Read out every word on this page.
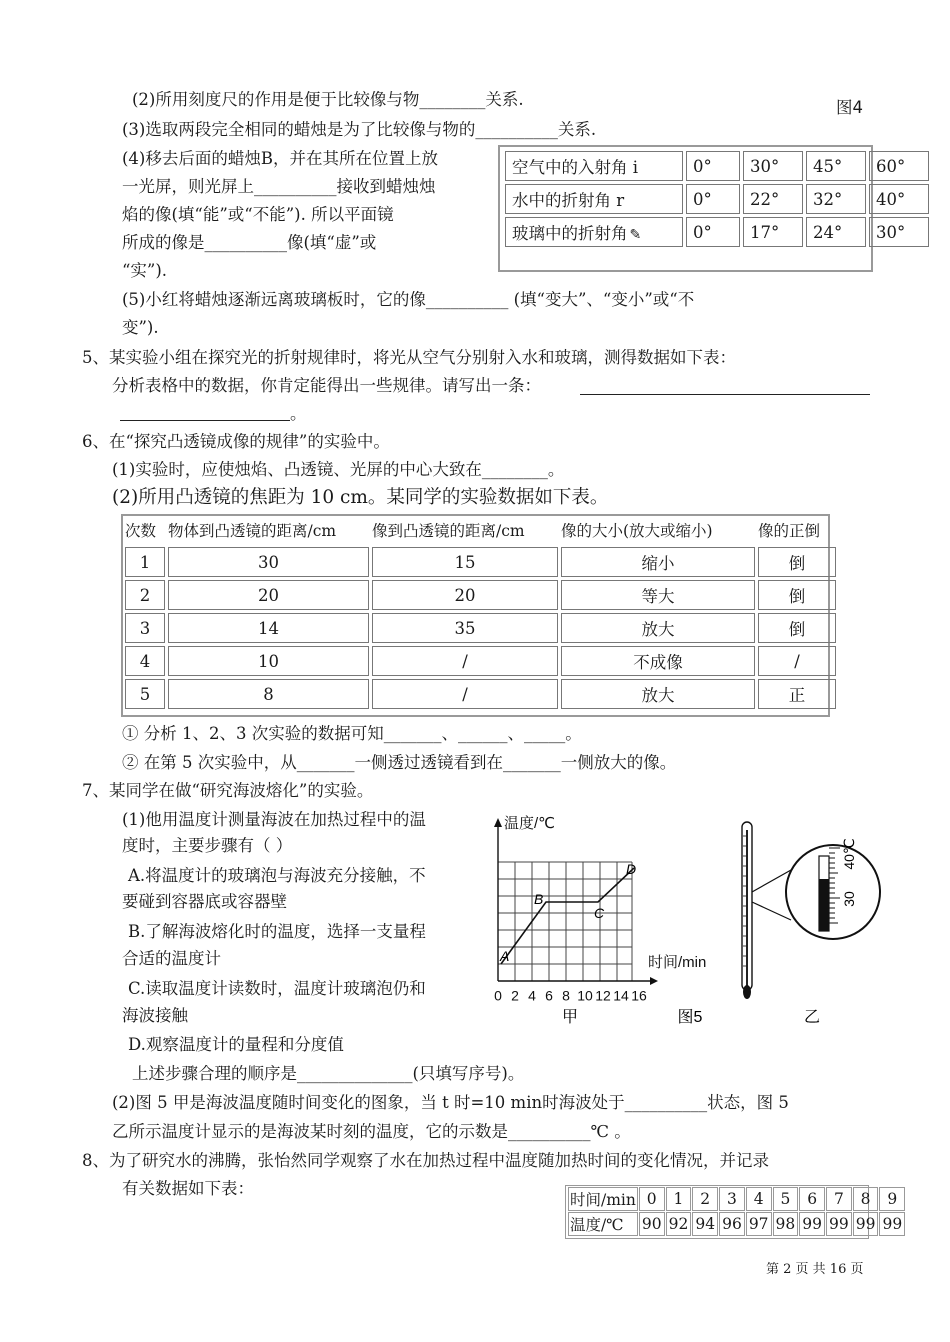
(2)所用刻度尺的作用是便于比较像与物________关系.	图4
(3)选取两段完全相同的蜡烛是为了比较像与物的__________关系.
(4)移去后面的蜡烛B，并在其所在位置上放
一光屏，则光屏上__________接收到蜡烛烛
焰的像(填“能”或“不能”). 所以平面镜
所成的像是__________像(填“虚”或
“实”).
空气中的入射角 i	0°	30°	45°	60°
水中的折射角 r	0°	22°	32°	40°
玻璃中的折射角 ✎	0°	17°	24°	30°
(5)小红将蜡烛逐渐远离玻璃板时，它的像__________ (填“变大”、“变小”或“不
变”).
5、某实验小组在探究光的折射规律时，将光从空气分别射入水和玻璃，测得数据如下表：
分析表格中的数据，你肯定能得出一些规律。请写出一条：
。
6、在“探究凸透镜成像的规律”的实验中。
(1)实验时，应使烛焰、凸透镜、光屏的中心大致在________。
(2)所用凸透镜的焦距为 10 cm。某同学的实验数据如下表。
次数	物体到凸透镜的距离/cm	像到凸透镜的距离/cm	像的大小(放大或缩小)	像的正倒
1	30	15	缩小	倒
2	20	20	等大	倒
3	14	35	放大	倒
4	10	/	不成像	/
5	8	/	放大	正
① 分析 1、2、3 次实验的数据可知_______、______、_____。
② 在第 5 次实验中，从_______一侧透过透镜看到在_______一侧放大的像。
7、某同学在做“研究海波熔化”的实验。
(1)他用温度计测量海波在加热过程中的温
度时，主要步骤有（ ）
A.将温度计的玻璃泡与海波充分接触，不
要碰到容器底或容器壁
B.了解海波熔化时的温度，选择一支量程
合适的温度计
C.读取温度计读数时，温度计玻璃泡仍和
海波接触
D.观察温度计的量程和分度值
上述步骤合理的顺序是______________(只填写序号)。
(2)图 5 甲是海波温度随时间变化的图象，当 t 时=10 min时海波处于__________状态，图 5
乙所示温度计显示的是海波某时刻的温度，它的示数是__________℃ 。
温度/℃
时间/min
A
B
C
D
0 2 4 6 8 10 12 14 16
甲	图5	乙
40℃
30
8、为了研究水的沸腾，张怡然同学观察了水在加热过程中温度随加热时间的变化情况，并记录
有关数据如下表：
时间/min	0	1	2	3	4	5	6	7	8	9
温度/℃	90	92	94	96	97	98	99	99	99	99
第 2 页 共 16 页
